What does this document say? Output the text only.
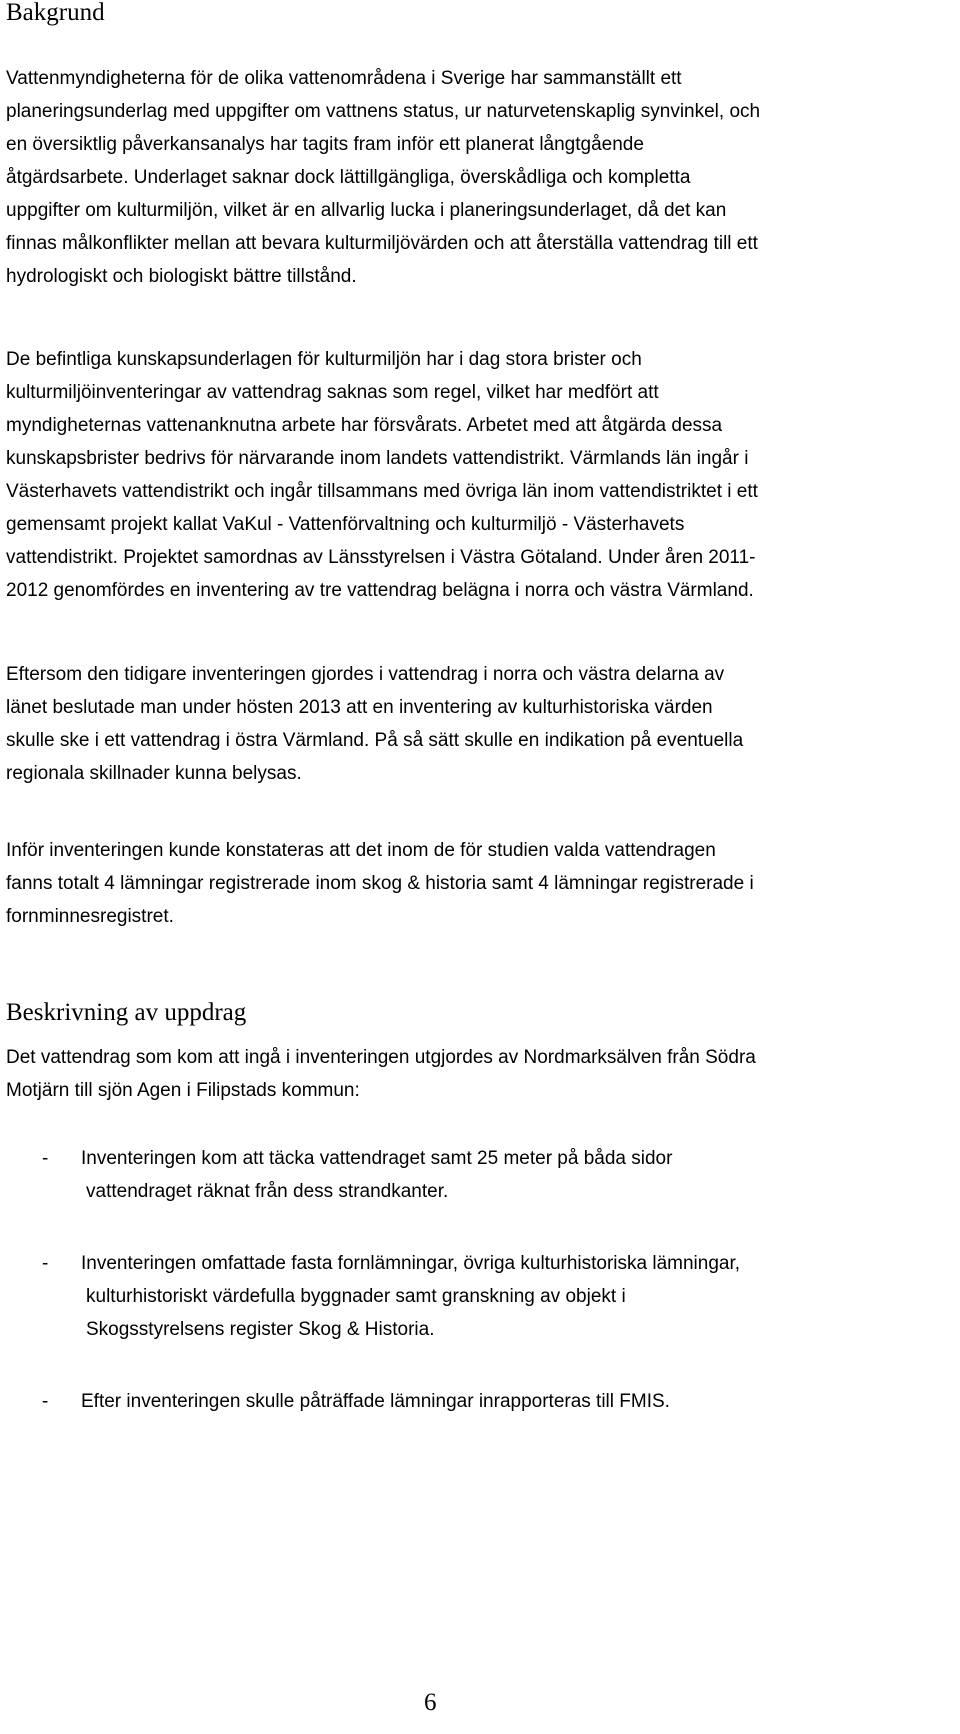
Bakgrund

Vattenmyndigheterna för de olika vattenområdena i Sverige har sammanställt ett
planeringsunderlag med uppgifter om vattnens status, ur naturvetenskaplig synvinkel, och
en översiktlig påverkansanalys har tagits fram inför ett planerat långtgående
åtgärdsarbete. Underlaget saknar dock lättillgängliga, överskådliga och kompletta
uppgifter om kulturmiljön, vilket är en allvarlig lucka i planeringsunderlaget, då det kan
finnas målkonflikter mellan att bevara kulturmiljövärden och att återställa vattendrag till ett
hydrologiskt och biologiskt bättre tillstånd.

De befintliga kunskapsunderlagen för kulturmiljön har i dag stora brister och
kulturmiljöinventeringar av vattendrag saknas som regel, vilket har medfört att
myndigheternas vattenanknutna arbete har försvårats. Arbetet med att åtgärda dessa
kunskapsbrister bedrivs för närvarande inom landets vattendistrikt. Värmlands län ingår i
Västerhavets vattendistrikt och ingår tillsammans med övriga län inom vattendistriktet i ett
gemensamt projekt kallat VaKul - Vattenförvaltning och kulturmiljö - Västerhavets
vattendistrikt. Projektet samordnas av Länsstyrelsen i Västra Götaland. Under åren 2011-
2012 genomfördes en inventering av tre vattendrag belägna i norra och västra Värmland.

Eftersom den tidigare inventeringen gjordes i vattendrag i norra och västra delarna av
länet beslutade man under hösten 2013 att en inventering av kulturhistoriska värden
skulle ske i ett vattendrag i östra Värmland. På så sätt skulle en indikation på eventuella
regionala skillnader kunna belysas.

Inför inventeringen kunde konstateras att det inom de för studien valda vattendragen
fanns totalt 4 lämningar registrerade inom skog & historia samt 4 lämningar registrerade i
fornminnesregistret.

Beskrivning av uppdrag

Det vattendrag som kom att ingå i inventeringen utgjordes av Nordmarksälven från Södra
Motjärn till sjön Agen i Filipstads kommun:

-	Inventeringen kom att täcka vattendraget samt 25 meter på båda sidor
vattendraget räknat från dess strandkanter.
-	Inventeringen omfattade fasta fornlämningar, övriga kulturhistoriska lämningar,
kulturhistoriskt värdefulla byggnader samt granskning av objekt i
Skogsstyrelsens register Skog & Historia.
-	Efter inventeringen skulle påträffade lämningar inrapporteras till FMIS.
6
